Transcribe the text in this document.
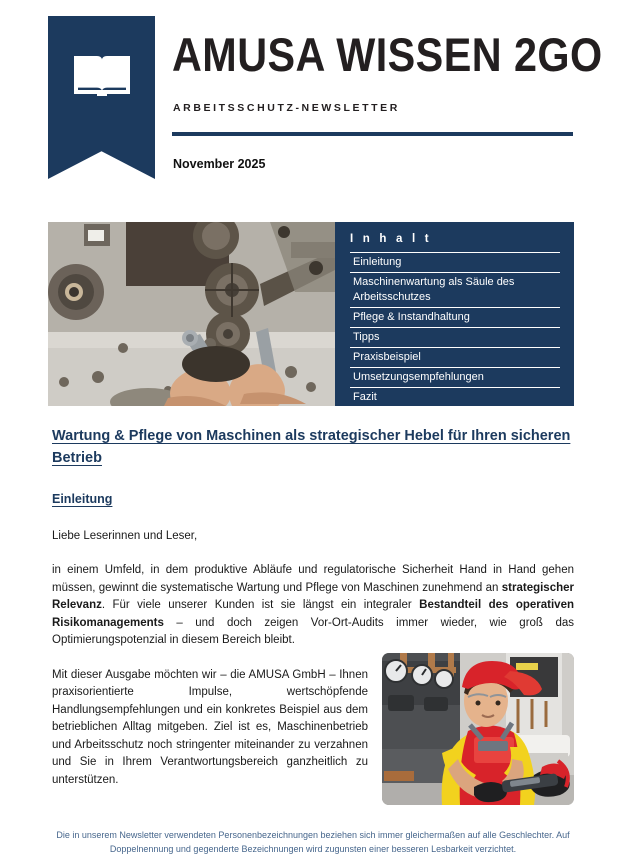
AMUSA WISSEN 2GO
ARBEITSSCHUTZ-NEWSLETTER
November 2025
I n h a l t
Einleitung
Maschinenwartung als Säule des Arbeitsschutzes
Pflege & Instandhaltung
Tipps
Praxisbeispiel
Umsetzungsempfehlungen
Fazit
Wartung & Pflege von Maschinen als strategischer Hebel für Ihren sicheren Betrieb
Einleitung

Liebe Leserinnen und Leser,

in einem Umfeld, in dem produktive Abläufe und regulatorische Sicherheit Hand in Hand gehen müssen, gewinnt die systematische Wartung und Pflege von Maschinen zunehmend an strategischer Relevanz. Für viele unserer Kunden ist sie längst ein integraler Bestandteil des operativen Risikomanagements – und doch zeigen Vor-Ort-Audits immer wieder, wie groß das Optimierungspotenzial in diesem Bereich bleibt.

Mit dieser Ausgabe möchten wir – die AMUSA GmbH – Ihnen praxisorientierte Impulse, wertschöpfende Handlungsempfehlungen und ein konkretes Beispiel aus dem betrieblichen Alltag mitgeben. Ziel ist es, Maschinenbetrieb und Arbeitsschutz noch stringenter miteinander zu verzahnen und Sie in Ihrem Verantwortungsbereich ganzheitlich zu unterstützen.

Die in unserem Newsletter verwendeten Personenbezeichnungen beziehen sich immer gleichermaßen auf alle Geschlechter. Auf Doppelnennung und gegenderte Bezeichnungen wird zugunsten einer besseren Lesbarkeit verzichtet.
